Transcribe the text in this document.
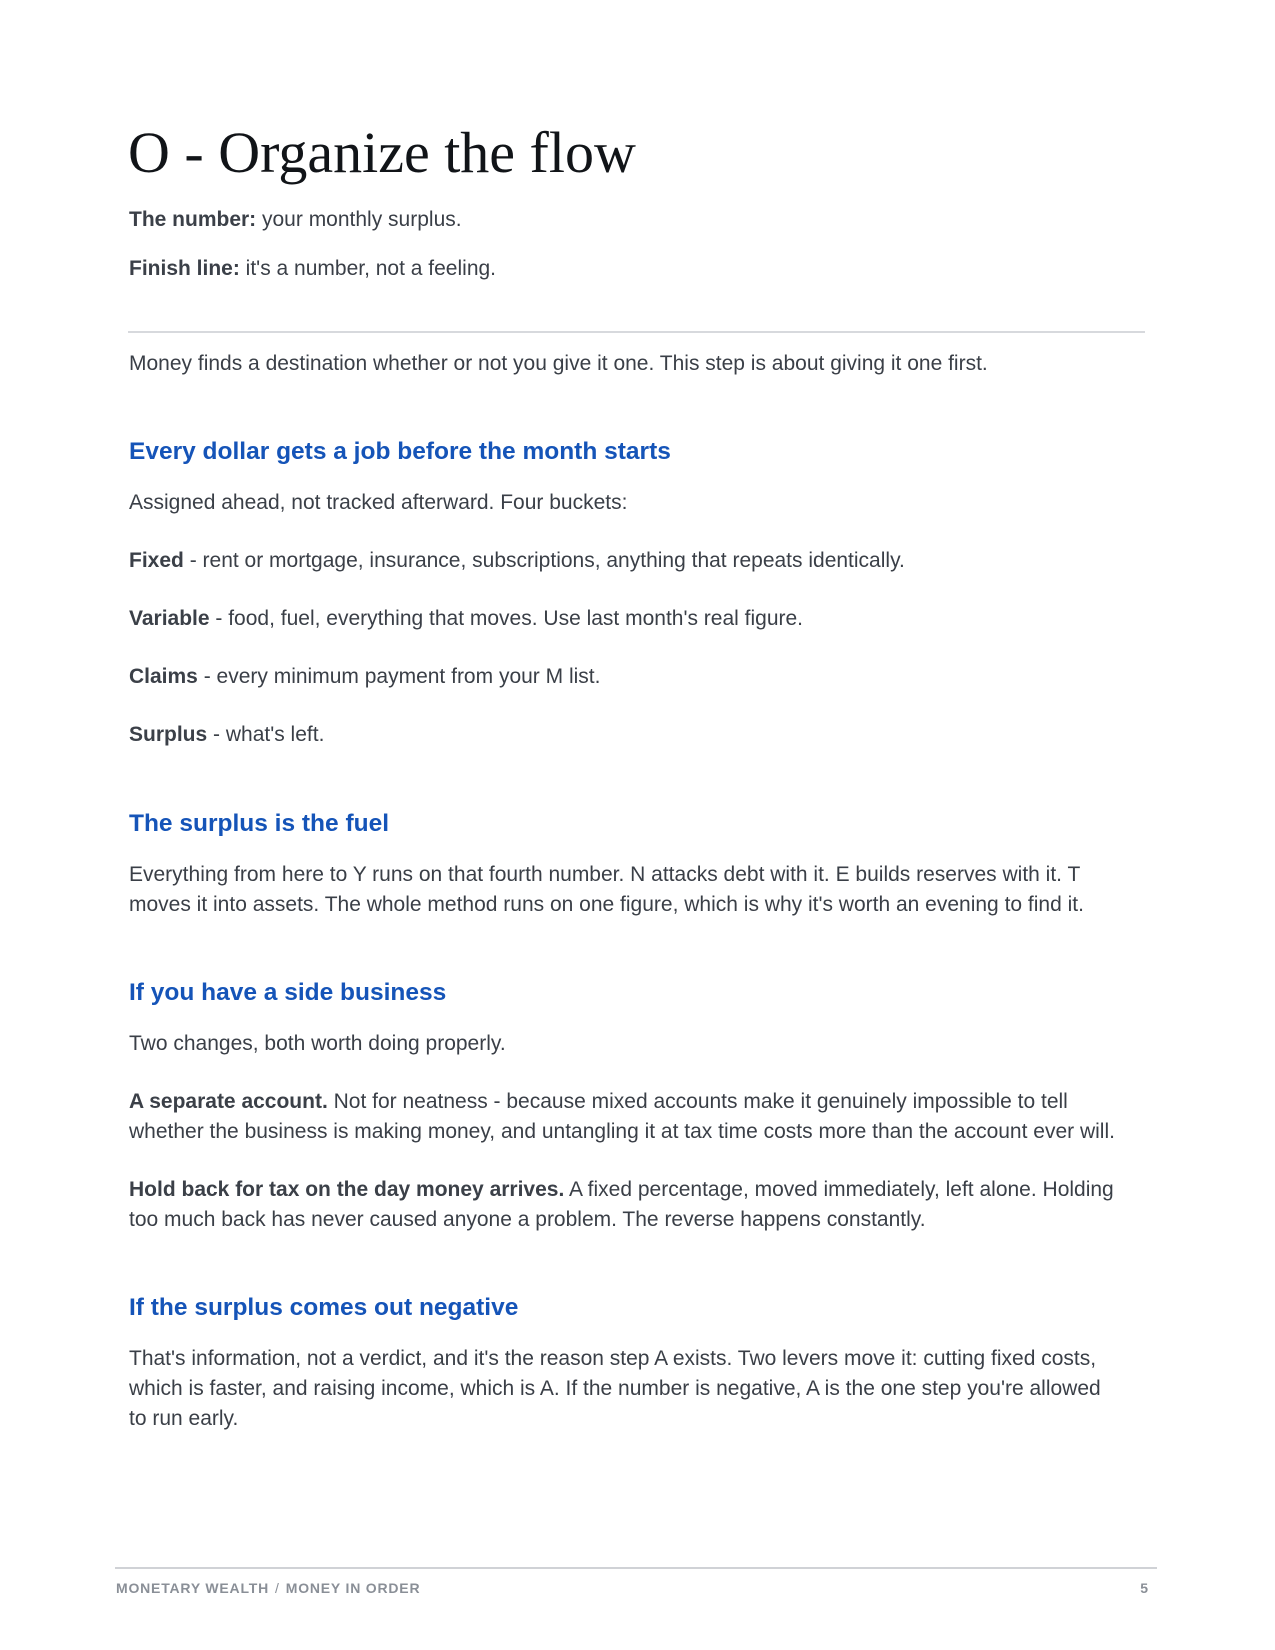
O - Organize the flow

The number: your monthly surplus.

Finish line: it's a number, not a feeling.

Money finds a destination whether or not you give it one. This step is about giving it one first.

Every dollar gets a job before the month starts

Assigned ahead, not tracked afterward. Four buckets:

Fixed - rent or mortgage, insurance, subscriptions, anything that repeats identically.

Variable - food, fuel, everything that moves. Use last month's real figure.

Claims - every minimum payment from your M list.

Surplus - what's left.

The surplus is the fuel

Everything from here to Y runs on that fourth number. N attacks debt with it. E builds reserves with it. T

moves it into assets. The whole method runs on one figure, which is why it's worth an evening to find it.

If you have a side business

Two changes, both worth doing properly.

A separate account. Not for neatness - because mixed accounts make it genuinely impossible to tell

whether the business is making money, and untangling it at tax time costs more than the account ever will.

Hold back for tax on the day money arrives. A fixed percentage, moved immediately, left alone. Holding

too much back has never caused anyone a problem. The reverse happens constantly.

If the surplus comes out negative

That's information, not a verdict, and it's the reason step A exists. Two levers move it: cutting fixed costs,

which is faster, and raising income, which is A. If the number is negative, A is the one step you're allowed

to run early.

MONETARY WEALTH / MONEY IN ORDER	5
